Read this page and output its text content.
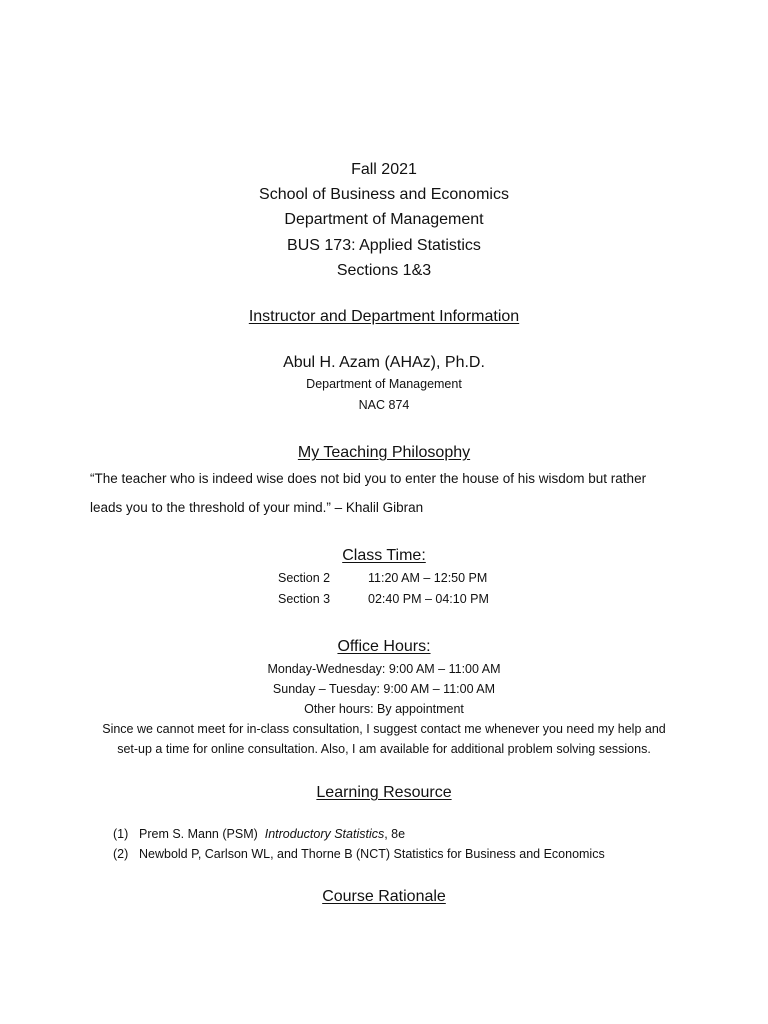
Fall 2021
School of Business and Economics
Department of Management
BUS 173: Applied Statistics
Sections 1&3
Instructor and Department Information
Abul H. Azam (AHAz), Ph.D.
Department of Management
NAC 874
My Teaching Philosophy
“The teacher who is indeed wise does not bid you to enter the house of his wisdom but rather
leads you to the threshold of your mind.” – Khalil Gibran
Class Time:
Section 2	11:20 AM – 12:50 PM
Section 3	02:40 PM – 04:10 PM
Office Hours:
Monday-Wednesday: 9:00 AM – 11:00 AM
Sunday – Tuesday: 9:00 AM – 11:00 AM
Other hours: By appointment
Since we cannot meet for in-class consultation, I suggest contact me whenever you need my help and
set-up a time for online consultation. Also, I am available for additional problem solving sessions.
Learning Resource
(1) Prem S. Mann (PSM) Introductory Statistics, 8e
(2) Newbold P, Carlson WL, and Thorne B (NCT) Statistics for Business and Economics
Course Rationale
